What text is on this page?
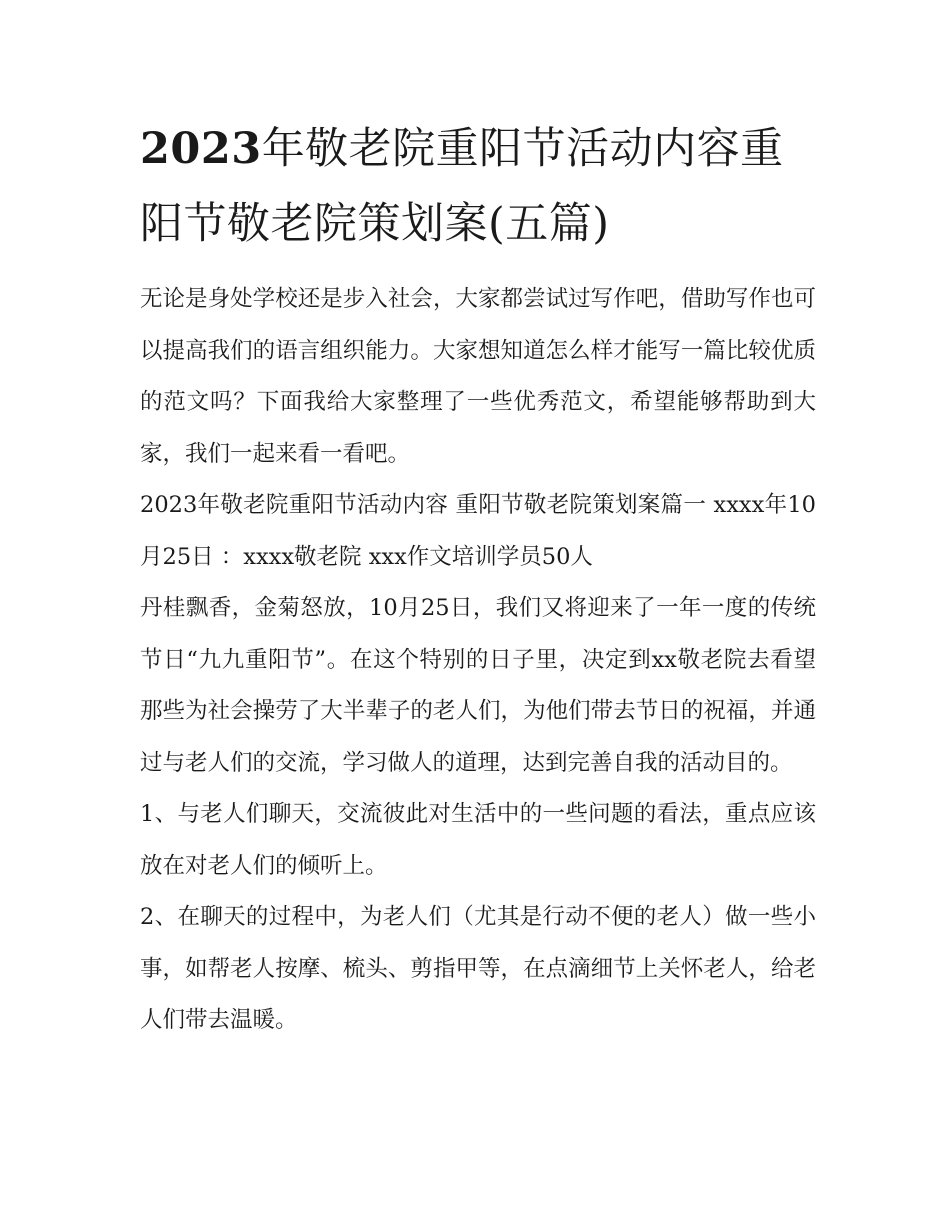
2023年敬老院重阳节活动内容重阳节敬老院策划案(五篇)

无论是身处学校还是步入社会，大家都尝试过写作吧，借助写作也可以提高我们的语言组织能力。大家想知道怎么样才能写一篇比较优质的范文吗？下面我给大家整理了一些优秀范文，希望能够帮助到大家，我们一起来看一看吧。

2023年敬老院重阳节活动内容 重阳节敬老院策划案篇一 xxxx年10月25日 ：xxxx敬老院 xxx作文培训学员50人

丹桂飘香，金菊怒放，10月25日，我们又将迎来了一年一度的传统节日“九九重阳节”。在这个特别的日子里，决定到xx敬老院去看望那些为社会操劳了大半辈子的老人们，为他们带去节日的祝福，并通过与老人们的交流，学习做人的道理，达到完善自我的活动目的。

1、与老人们聊天，交流彼此对生活中的一些问题的看法，重点应该放在对老人们的倾听上。

2、在聊天的过程中，为老人们（尤其是行动不便的老人）做一些小事，如帮老人按摩、梳头、剪指甲等，在点滴细节上关怀老人，给老人们带去温暖。
